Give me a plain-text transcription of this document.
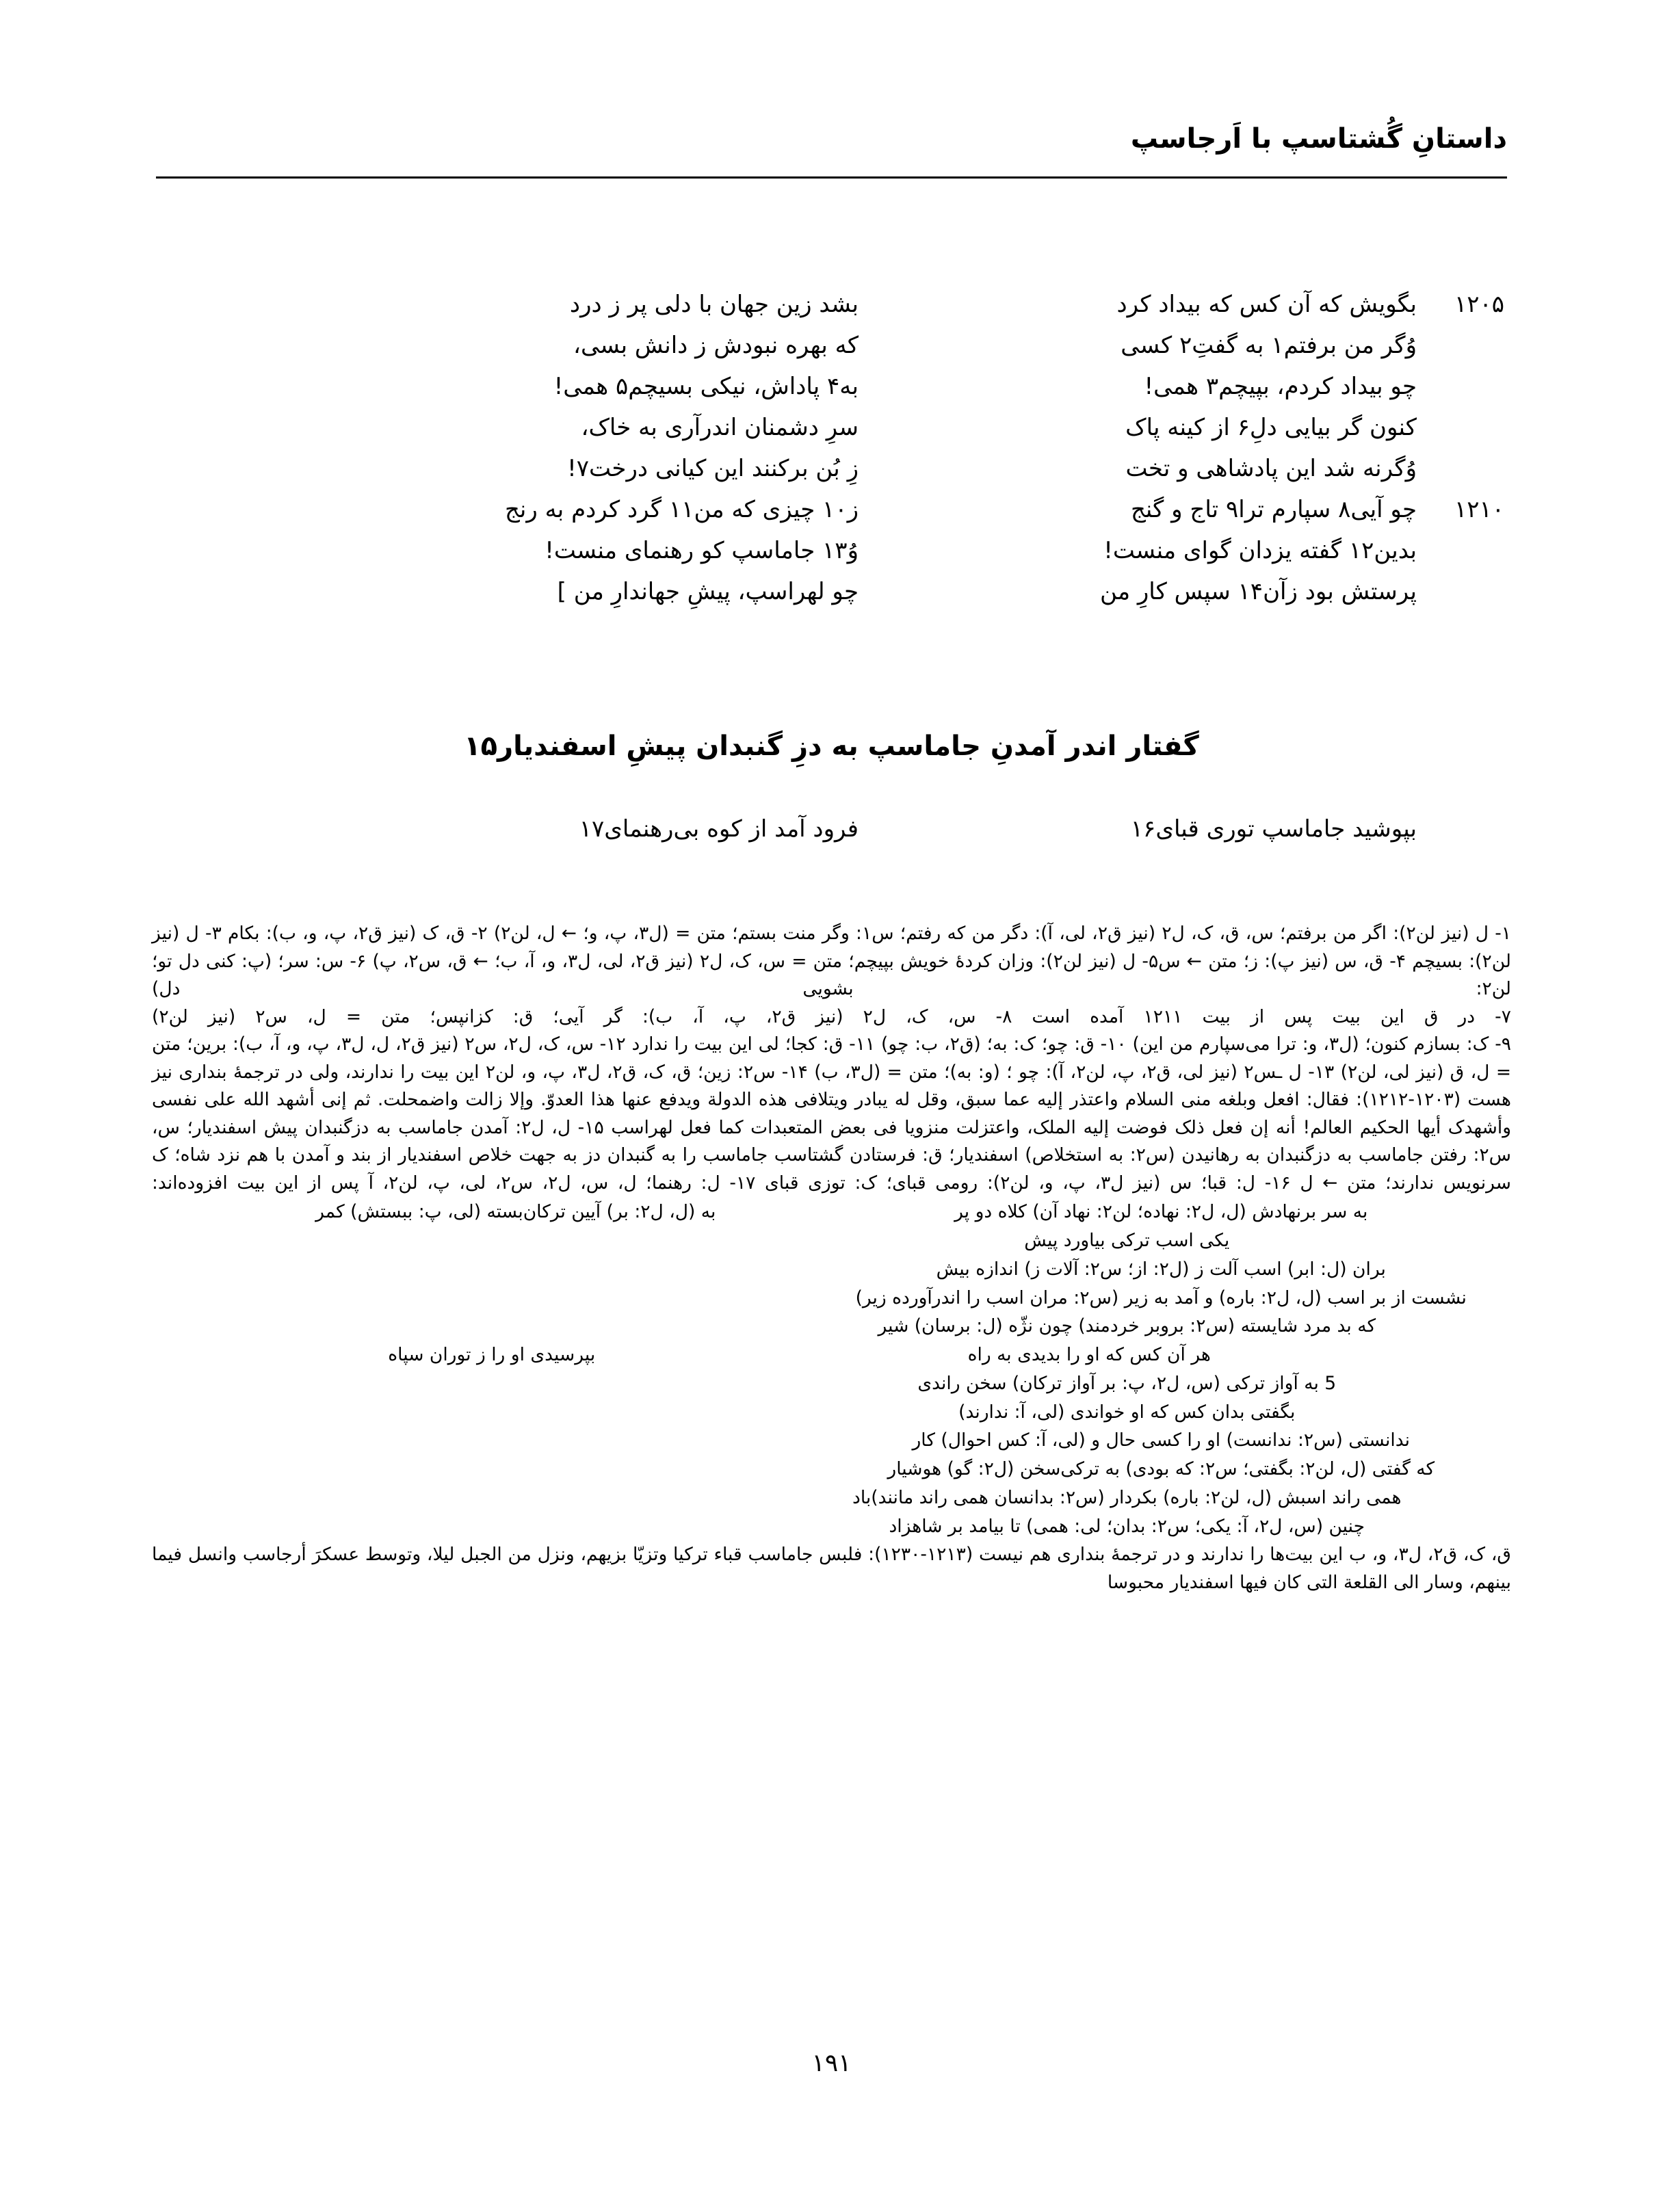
داستانِ گُشتاسپ با اَرجاسپ
۱۲۰۵
بگویش که آن کس که بیداد کرد
بشد زین جهان با دلی پر ز درد
وُگر من برفتم۱ به گفتِ۲ کسی
که بهره نبودش ز دانش بسی،
چو بیداد کردم، بپیچم۳ همی!
به۴ پاداش، نیکی بسیچم۵ همی!
کنون گر بیایی دلِ۶ از کینه پاک
سرِ دشمنان اندرآری به خاک،
وُگرنه شد این پادشاهی و تخت
زِ بُن برکنند این کیانی درخت۷!
۱۲۱۰
چو آیی۸ سپارم ترا۹ تاج و گنج
ز۱۰ چیزی که من۱۱ گرد کردم به رنج
بدین۱۲ گفته یزدان گوای منست!
وُ۱۳ جاماسپ کو رهنمای منست!
پرستش بود زآن۱۴ سپس کارِ من
چو لهراسپ، پیشِ جهاندارِ من ]
گفتار اندر آمدنِ جاماسپ به دزِ گنبدان پیشِ اسفندیار۱۵
بپوشید جاماسپ توری قبای۱۶
فرود آمد از کوه بی‌رهنمای۱۷
۱- ل (نیز لن۲): اگر من برفتم؛ س، ق، ک، ل۲ (نیز ق۲، لی، آ): دگر من که رفتم؛ س۱: وگر منت بستم؛ متن = (ل۳، پ، و؛ ← ل، لن۲) ۲- ق، ک (نیز ق۲، پ، و، ب): بکام ۳- ل (نیز لن۲): بسیچم ۴- ق، س (نیز پ): ز؛ متن ← س۵- ل (نیز لن۲): وزان کردهٔ خویش بپیچم؛ متن = س، ک، ل۲ (نیز ق۲، لی، ل۳، و، آ، ب؛ ← ق، س۲، پ) ۶- س: سر؛ (پ: کنی دل تو؛ لن۲: بشویی دل)
۷- در ق این بیت پس از بیت ۱۲۱۱ آمده است ۸- س، ک، ل۲ (نیز ق۲، پ، آ، ب): گر آیی؛ ق: کزانپس؛ متن = ل، س۲ (نیز لن۲)
۹- ک: بسازم کنون؛ (ل۳، و: ترا می‌سپارم من این) ۱۰- ق: چو؛ ک: به؛ (ق۲، ب: چو) ۱۱- ق: کجا؛ لی این بیت را ندارد ۱۲- س، ک، ل۲، س۲ (نیز ق۲، ل، ل۳، پ، و، آ، ب): برین؛ متن = ل، ق (نیز لی، لن۲) ۱۳- ل ـس۲ (نیز لی، ق۲، پ، لن۲، آ): چو ؛ (و: به)؛ متن = (ل۳، ب) ۱۴- س۲: زین؛ ق، ک، ق۲، ل۳، پ، و، لن۲ این بیت را ندارند، ولی در ترجمهٔ بنداری نیز هست (۱۲۰۳-۱۲۱۲): فقال: افعل وبلغه منی السلام واعتذر إلیه عما سبق، وقل له یبادر ویتلافی هذه الدولة ویدفع عنها هذا العدوّ. وإلا زالت واضمحلت. ثم إنی أشهد الله علی نفسی وأشهدک أیها الحکیم العالم! أنه إن فعل ذلک فوضت إلیه الملک، واعتزلت منزویا فی بعض المتعبدات کما فعل لهراسب ۱۵- ل، ل۲: آمدن جاماسب به دزگنبدان پیش اسفندیار؛ س، س۲: رفتن جاماسب به دزگنبدان به رهانیدن (س۲: به استخلاص) اسفندیار؛ ق: فرستادن گشتاسب جاماسب را به گنبدان دز به جهت خلاص اسفندیار از بند و آمدن با هم نزد شاه؛ ک سرنویس ندارند؛ متن ← ل ۱۶- ل: قبا؛ س (نیز ل۳، پ، و، لن۲): رومی قبای؛ ک: توزی قبای ۱۷- ل: رهنما؛ ل، س، ل۲، س۲، لی، پ، لن۲، آ پس از این بیت افزوده‌اند:
به سر برنهادش (ل، ل۲: نهاده؛ لن۲: نهاد آن) کلاه دو پر
به (ل، ل۲: بر) آیین ترکان‌بسته (لی، پ: ببستش) کمر
یکی اسب ترکی بیاورد پیش
بران (ل: ابر) اسب آلت ز (ل۲: از؛ س۲: آلات ز) اندازه بیش
نشست از بر اسب (ل، ل۲: باره) و آمد به زیر (س۲: مران اسب را اندرآورده زیر)
که بد مرد شایسته (س۲: بروبر خردمند) چون نژّه (ل: برسان) شیر
هر آن کس که او را بدیدی به راه
بپرسیدی او را ز توران سپاه
5 به آواز ترکی (س، ل۲، پ: بر آواز ترکان) سخن راندی
بگفتی بدان کس که او خواندی (لی، آ: ندارند)
ندانستی (س۲: ندانست) او را کسی حال و (لی، آ: کس احوال) کار
که گفتی (ل، لن۲: بگفتی؛ س۲: که بودی) به ترکی‌سخن (ل۲: گو) هوشیار
همی راند اسبش (ل، لن۲: باره) بکردار (س۲: بدانسان همی راند مانند)باد
چنین (س، ل۲، آ: یکی؛ س۲: بدان؛ لی: همی) تا بیامد بر شاهزاد
ق، ک، ق۲، ل۳، و، ب این بیت‌ها را ندارند و در ترجمهٔ بنداری هم نیست (۱۲۱۳-۱۲۳۰): فلبس جاماسب قباء ترکیا وتزیّا بزیهم، ونزل من الجبل لیلا، وتوسط عسکرَ أرجاسب وانسل فیما بینهم، وسار الی القلعة التی کان فیها اسفندیار محبوسا
۱۹۱
